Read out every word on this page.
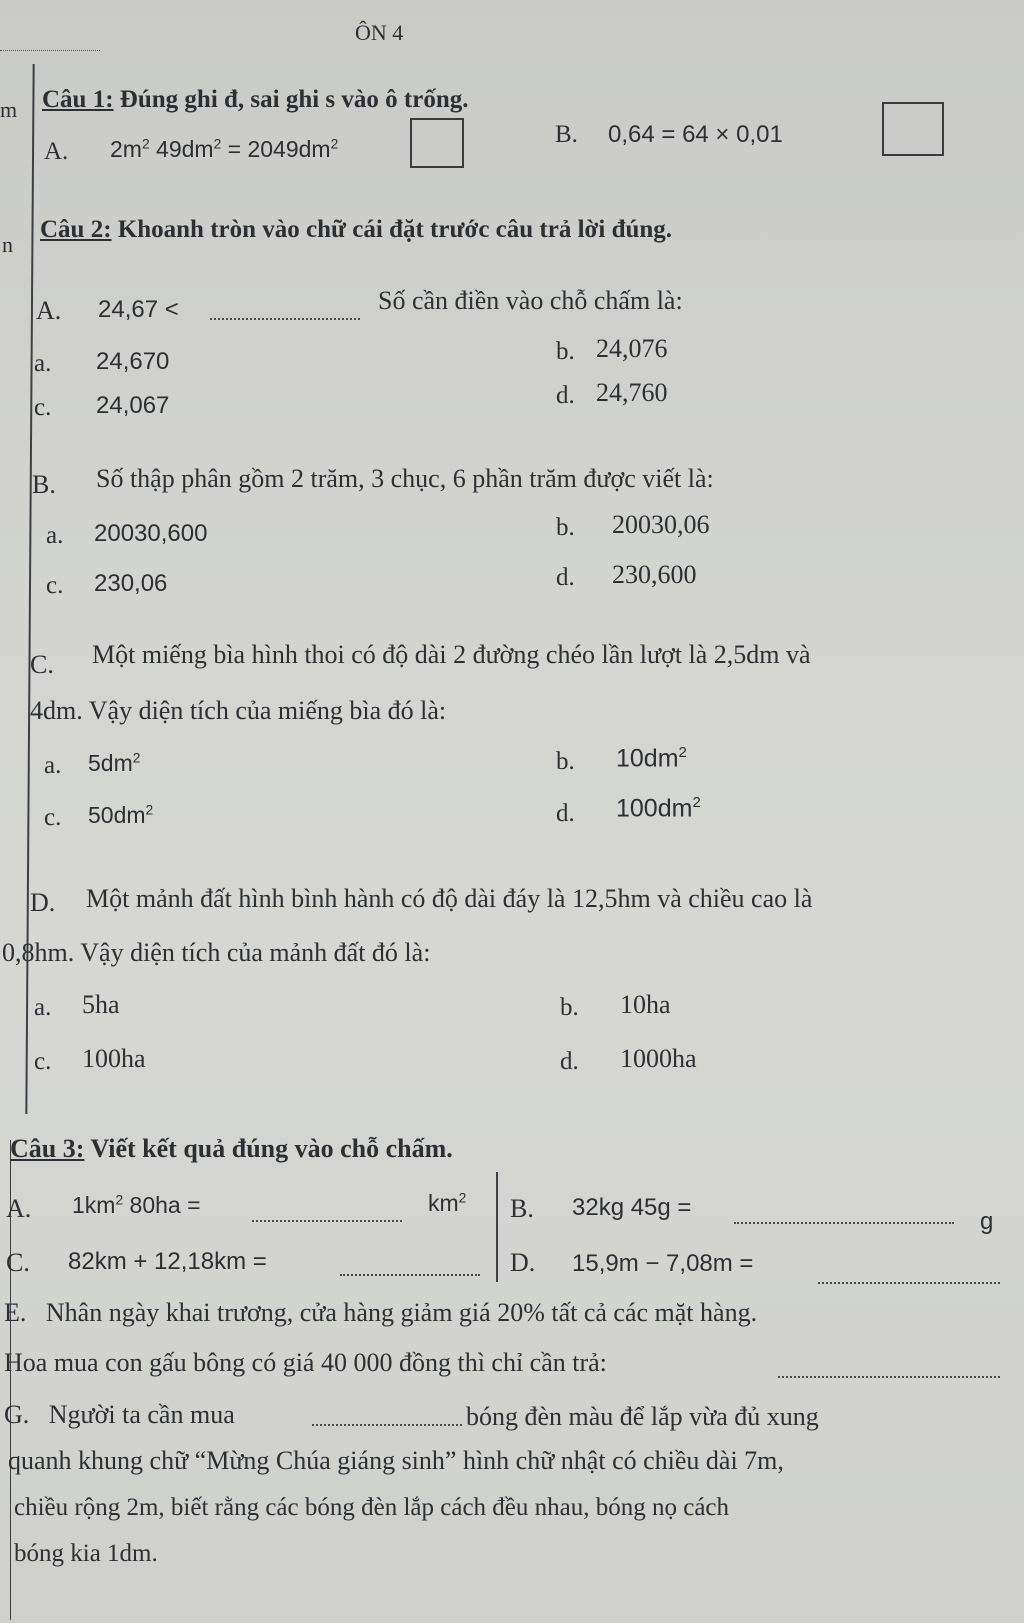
ÔN 4
m
n
Câu 1: Đúng ghi đ, sai ghi s vào ô trống.
A. $2m^2$ $49dm^2 = 2049dm^2$	B. 0,64 = 64 × 0,01
Câu 2: Khoanh tròn vào chữ cái đặt trước câu trả lời đúng.
A. 24,67 <	Số cần điền vào chỗ chấm là:
a. 24,670	b. 24,076
c. 24,067	d. 24,760
B. Số thập phân gồm 2 trăm, 3 chục, 6 phần trăm được viết là:
a. 20030,600	b. 20030,06
c. 230,06	d. 230,600
C. Một miếng bìa hình thoi có độ dài 2 đường chéo lần lượt là 2,5dm và
4dm. Vậy diện tích của miếng bìa đó là:
a. $5dm^2$	b. $10dm^2$
c. $50dm^2$	d. $100dm^2$
D. Một mảnh đất hình bình hành có độ dài đáy là 12,5hm và chiều cao là
0,8hm. Vậy diện tích của mảnh đất đó là:
a. 5ha	b. 10ha
c. 100ha	d. 1000ha
Câu 3: Viết kết quả đúng vào chỗ chấm.
A. $1km^2$ 80ha =	$km^2$ B. 32kg 45g =
g
C. 82km + 12,18km =	D. 15,9m − 7,08m =
E. Nhân ngày khai trương, cửa hàng giảm giá 20% tất cả các mặt hàng.
Hoa mua con gấu bông có giá 40 000 đồng thì chỉ cần trả:
G. Người ta cần mua	bóng đèn màu để lắp vừa đủ xung
quanh khung chữ “Mừng Chúa giáng sinh” hình chữ nhật có chiều dài 7m,
chiều rộng 2m, biết rằng các bóng đèn lắp cách đều nhau, bóng nọ cách
bóng kia 1dm.
